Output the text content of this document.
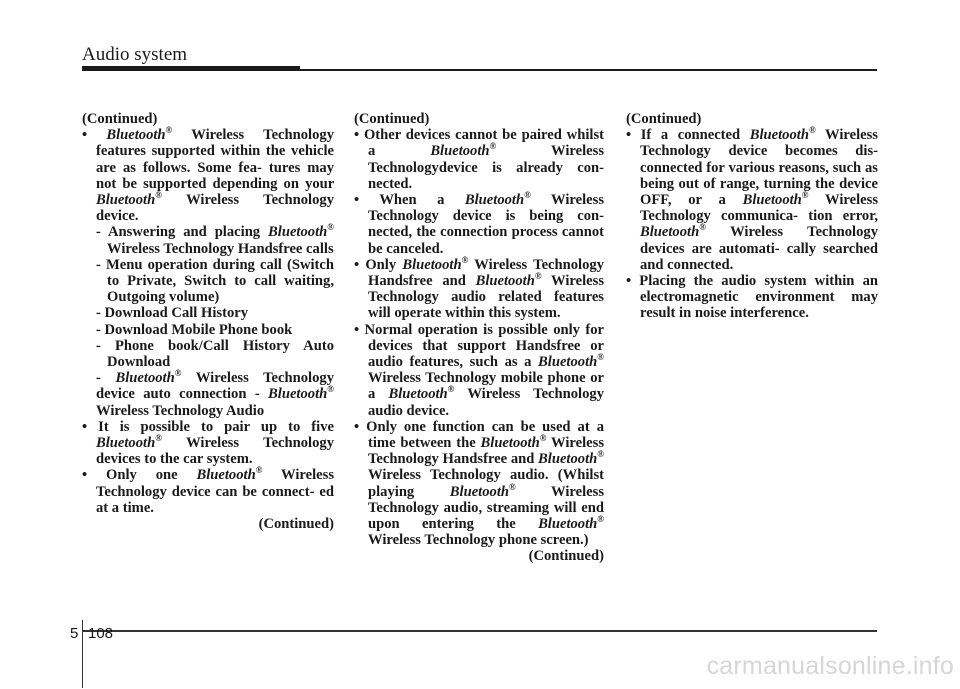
Audio system

(Continued)

• Bluetooth® Wireless Technology features supported within the vehicle are as follows. Some fea- tures may not be supported depending on your Bluetooth® Wireless Technology device.

- Answering and placing Bluetooth® Wireless Technology Handsfree calls

- Menu operation during call (Switch to Private, Switch to call waiting, Outgoing volume)

- Download Call History

- Download Mobile Phone book

- Phone book/Call History Auto Download

- Bluetooth® Wireless Technology device auto connection - Bluetooth® Wireless Technology Audio

• It is possible to pair up to five Bluetooth® Wireless Technology devices to the car system.

• Only one Bluetooth® Wireless Technology device can be connect- ed at a time.

(Continued)

(Continued)

• Other devices cannot be paired whilst a	Bluetooth®	Wireless Technologydevice is already con- nected.

• When a Bluetooth® Wireless Technology device is being con- nected, the connection process cannot be canceled.

• Only Bluetooth® Wireless Technology Handsfree and Bluetooth® Wireless Technology audio related features will operate within this system.

• Normal operation is possible only for devices that support Handsfree or audio features, such as a Bluetooth® Wireless Technology mobile phone or a Bluetooth® Wireless Technology audio device.

• Only one function can be used at a time between the Bluetooth® Wireless Technology Handsfree and Bluetooth® Wireless Technology audio. (Whilst playing Bluetooth® Wireless Technology audio, streaming will end upon entering the Bluetooth® Wireless Technology phone screen.)

(Continued)

(Continued)

• If a connected Bluetooth® Wireless Technology device becomes dis- connected for various reasons, such as being out of range, turning the device OFF, or a Bluetooth® Wireless Technology communica- tion error, Bluetooth® Wireless Technology devices are automati- cally searched and connected.

• Placing the audio system within an electromagnetic environment may result in noise interference.

5 108
carmanualsonline.info
